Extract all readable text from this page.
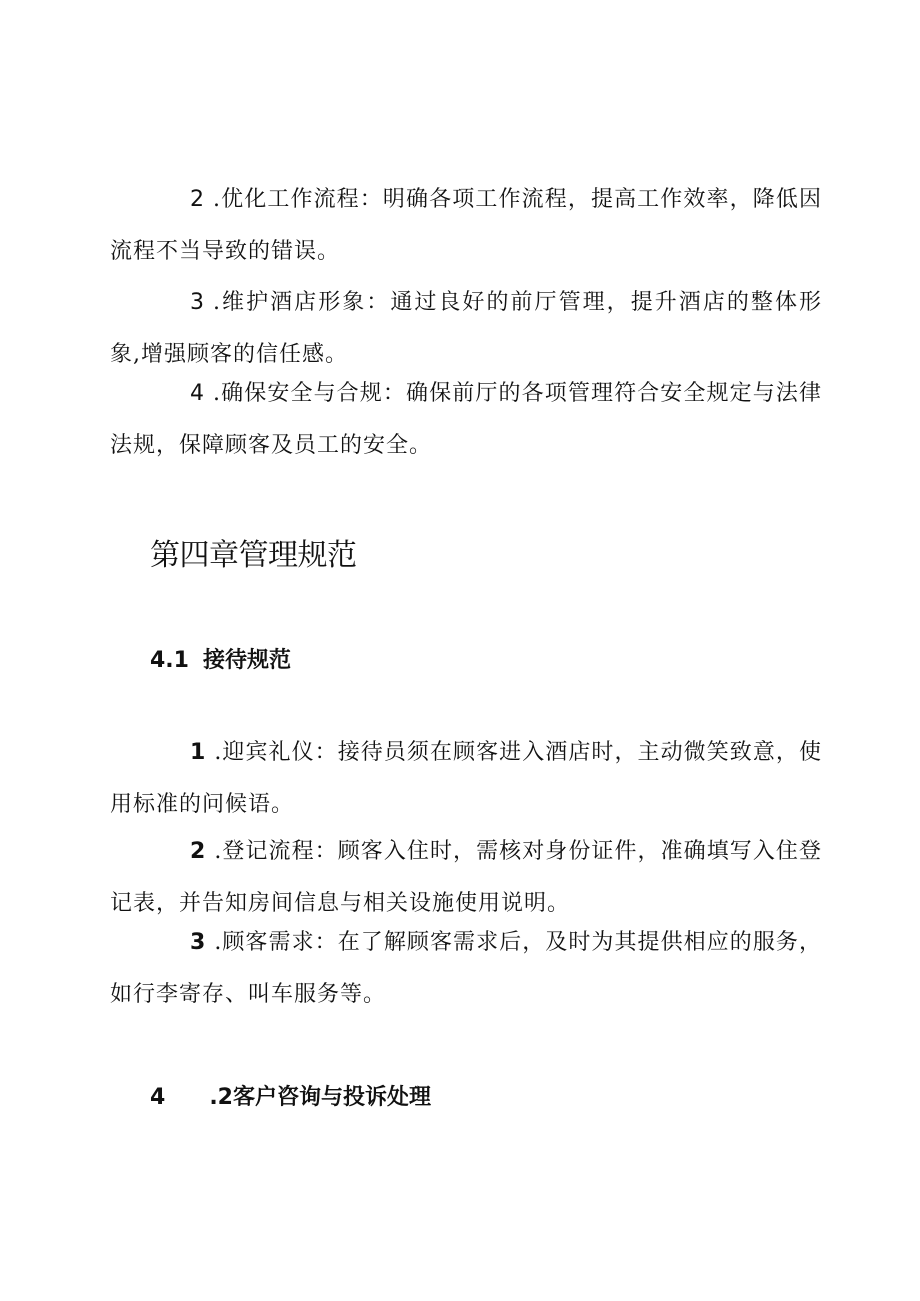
2 .优化工作流程：明确各项工作流程，提高工作效率，降低因流程不当导致的错误。

3 .维护酒店形象：通过良好的前厅管理，提升酒店的整体形象,增强顾客的信任感。

4 .确保安全与合规：确保前厅的各项管理符合安全规定与法律法规，保障顾客及员工的安全。

第四章管理规范
4.1 接待规范

1 .迎宾礼仪：接待员须在顾客进入酒店时，主动微笑致意，使用标准的问候语。

2 .登记流程：顾客入住时，需核对身份证件，准确填写入住登记表，并告知房间信息与相关设施使用说明。

3 .顾客需求：在了解顾客需求后，及时为其提供相应的服务，如行李寄存、叫车服务等。

4 .2客户咨询与投诉处理
